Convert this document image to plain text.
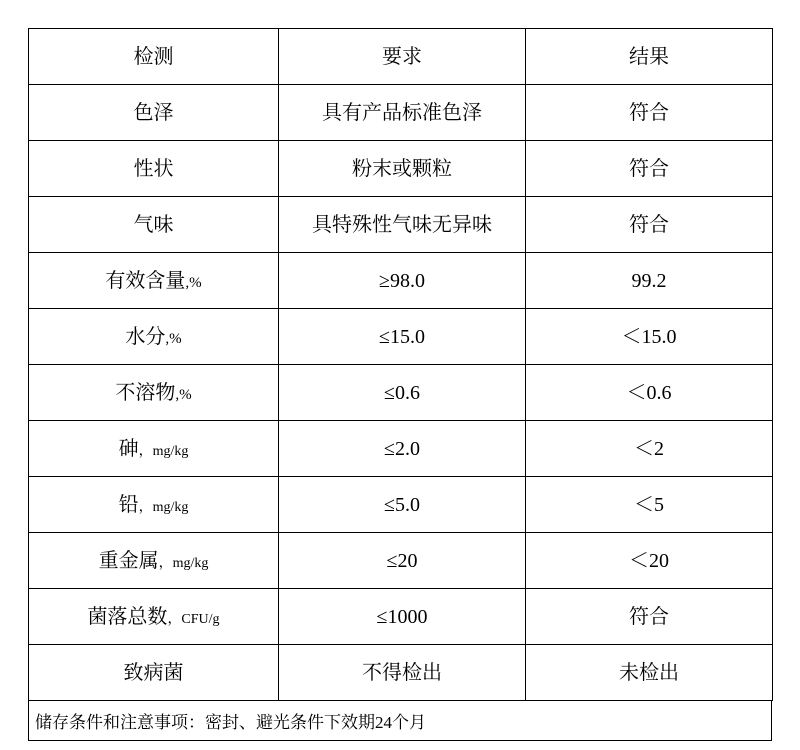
检测	要求	结果
色泽	具有产品标准色泽	符合
性状	粉末或颗粒	符合
气味	具特殊性气味无异味	符合
有效含量,%	≥98.0	99.2
水分,%	≤15.0	＜15.0
不溶物,%	≤0.6	＜0.6
砷，mg/kg	≤2.0	＜2
铅，mg/kg	≤5.0	＜5
重金属，mg/kg	≤20	＜20
菌落总数，CFU/g	≤1000	符合
致病菌	不得检出	未检出
储存条件和注意事项：密封、避光条件下效期24个月
